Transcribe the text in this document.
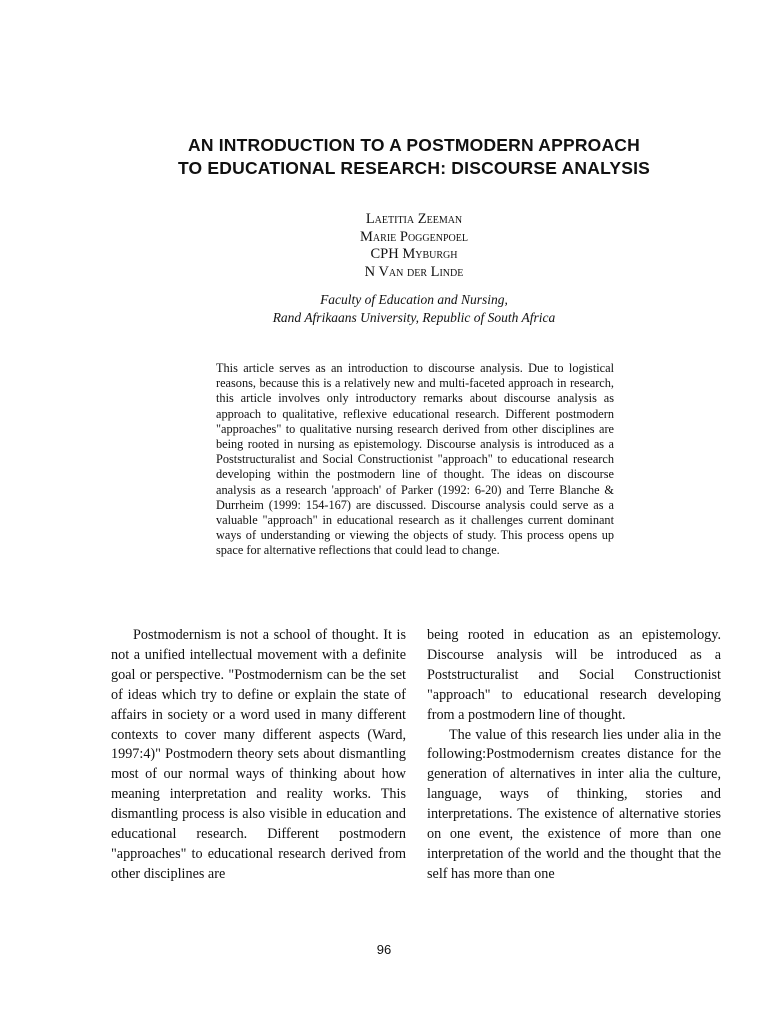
AN INTRODUCTION TO A POSTMODERN APPROACH
TO EDUCATIONAL RESEARCH: DISCOURSE ANALYSIS
Laetitia Zeeman
Marie Poggenpoel
CPH Myburgh
N Van der Linde
Faculty of Education and Nursing,
Rand Afrikaans University, Republic of South Africa
This article serves as an introduction to discourse analysis. Due to logistical reasons, because this is a relatively new and multi-faceted approach in research, this article involves only introductory remarks about discourse analysis as approach to qualitative, reflexive educational research. Different postmodern "approaches" to qualitative nursing research derived from other disciplines are being rooted in nursing as epistemology. Discourse analysis is introduced as a Poststructuralist and Social Constructionist "approach" to educational research developing within the postmodern line of thought. The ideas on discourse analysis as a research 'approach' of Parker (1992: 6-20) and Terre Blanche & Durrheim (1999: 154-167) are discussed. Discourse analysis could serve as a valuable "approach" in educational research as it challenges current dominant ways of understanding or viewing the objects of study. This process opens up space for alternative reflections that could lead to change.

Postmodernism is not a school of thought. It is not a unified intellectual movement with a definite goal or perspective. "Postmodernism can be the set of ideas which try to define or explain the state of affairs in society or a word used in many different contexts to cover many different aspects (Ward, 1997:4)" Postmodern theory sets about dismantling most of our normal ways of thinking about how meaning interpretation and reality works. This dismantling process is also visible in education and educational research. Different postmodern "approaches" to educational research derived from other disciplines are

being rooted in education as an epistemology. Discourse analysis will be introduced as a Poststructuralist and Social Constructionist "approach" to educational research developing from a postmodern line of thought.

The value of this research lies under alia in the following:Postmodernism creates distance for the generation of alternatives in inter alia the culture, language, ways of thinking, stories and interpretations. The existence of alternative stories on one event, the existence of more than one interpretation of the world and the thought that the self has more than one

96
